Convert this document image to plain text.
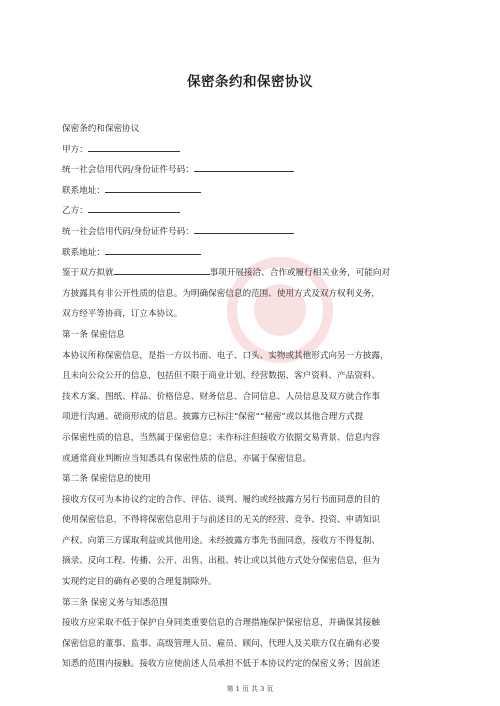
保密条约和保密协议
保密条约和保密协议
甲方：
统一社会信用代码/身份证件号码：
联系地址：
乙方：
统一社会信用代码/身份证件号码：
联系地址：
鉴于双方拟就	事项开展接洽、合作或履行相关业务，可能向对
方披露具有非公开性质的信息。为明确保密信息的范围、使用方式及双方权利义务，
双方经平等协商，订立本协议。
第一条 保密信息
本协议所称保密信息，是指一方以书面、电子、口头、实物或其他形式向另一方披露，
且未向公众公开的信息，包括但不限于商业计划、经营数据、客户资料、产品资料、
技术方案、图纸、样品、价格信息、财务信息、合同信息、人员信息及双方就合作事
项进行沟通、磋商形成的信息。披露方已标注“保密”“秘密”或以其他合理方式提
示保密性质的信息，当然属于保密信息；未作标注但接收方依据交易背景、信息内容
或通常商业判断应当知悉具有保密性质的信息，亦属于保密信息。
第二条 保密信息的使用
接收方仅可为本协议约定的合作、评估、谈判、履约或经披露方另行书面同意的目的
使用保密信息，不得将保密信息用于与前述目的无关的经营、竞争、投资、申请知识
产权、向第三方谋取利益或其他用途。未经披露方事先书面同意，接收方不得复制、
摘录、反向工程、传播、公开、出售、出租、转让或以其他方式处分保密信息，但为
实现约定目的确有必要的合理复制除外。
第三条 保密义务与知悉范围
接收方应采取不低于保护自身同类重要信息的合理措施保护保密信息，并确保其接触
保密信息的董事、监事、高级管理人员、雇员、顾问、代理人及关联方仅在确有必要
知悉的范围内接触。接收方应使前述人员承担不低于本协议约定的保密义务；因前述
第 1 页 共 3 页
